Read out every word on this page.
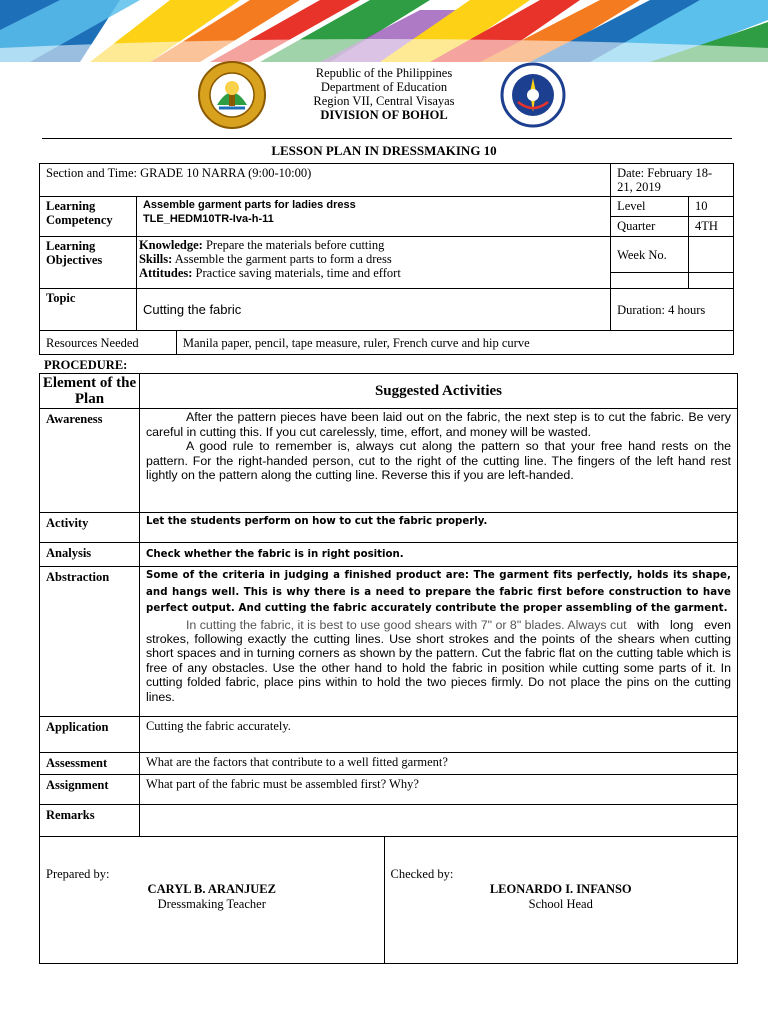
Republic of the Philippines
Department of Education
Region VII, Central Visayas
DIVISION OF BOHOL
LESSON PLAN IN DRESSMAKING 10
Section and Time: GRADE 10 NARRA (9:00-10:00)			Date: February 18-21, 2019	
Learning Competency	Assemble garment parts for ladies dress
TLE_HEDM10TR-Iva-h-11		Level	10
			Quarter	4TH
Learning Objectives	Knowledge: Prepare the materials before cutting
Skills: Assemble the garment parts to form a dress
Attitudes: Practice saving materials, time and effort		Week No.	

Topic	Cutting the fabric		Duration: 4 hours	
Resources Needed		Manila paper, pencil, tape measure, ruler, French curve and hip curve		
PROCEDURE:
Element of the Plan	Suggested Activities
Awareness	After the pattern pieces have been laid out on the fabric, the next step is to cut the fabric. Be very careful in cutting this. If you cut carelessly, time, effort, and money will be wasted.
A good rule to remember is, always cut along the pattern so that your free hand rests on the pattern. For the right-handed person, cut to the right of the cutting line. The fingers of the left hand rest lightly on the pattern along the cutting line. Reverse this if you are left-handed.

Activity	Let the students perform on how to cut the fabric properly.
Analysis	Check whether the fabric is in right position.
Abstraction	Some of the criteria in judging a finished product are: The garment fits perfectly, holds its shape, and hangs well. This is why there is a need to prepare the fabric first before construction to have perfect output. And cutting the fabric accurately contribute the proper assembling of the garment.
In cutting the fabric, it is best to use good shears with 7" or 8" blades. Always cut with long even strokes, following exactly the cutting lines. Use short strokes and the points of the shears when cutting short spaces and in turning corners as shown by the pattern. Cut the fabric flat on the cutting table which is free of any obstacles. Use the other hand to hold the fabric in position while cutting some parts of it. In cutting folded fabric, place pins within to hold the two pieces firmly. Do not place the pins on the cutting lines.

Application	Cutting the fabric accurately.
Assessment	What are the factors that contribute to a well fitted garment?
Assignment	What part of the fabric must be assembled first? Why?
Remarks	
Prepared by:
CARYL B. ARANJUEZ
Dressmaking Teacher

Checked by:
LEONARDO I. INFANSO
School Head
